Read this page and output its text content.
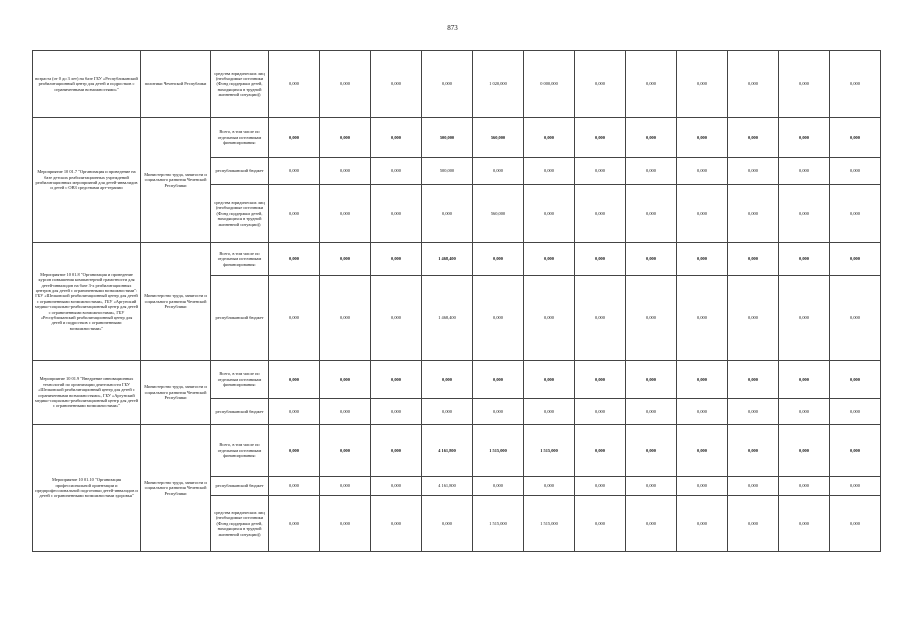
873
возраста (от 0 до 3 лет) на базе ГБУ «Республиканский реабилитационный центр для детей и подростков с ограниченными возможностями»"	политики Чеченской Республики	средства юридических лиц (необходимые источники (Фонд поддержки детей, находящихся в трудной жизненной ситуации))	0,000	0,000	0,000	0,000	1 020,000	0 000,000	0,000	0,000	0,000	0,000	0,000	0,000
Мероприятие 10 01.7 "Организация и проведение на базе детских реабилитационных учреждений реабилитационных мероприятий для детей-инвалидов и детей с ОВЗ средствами арт-терапии	Министерство труда, занятости и социального развития Чеченской Республики	Всего, в том числе по отдельным источникам финансирования:	0,000	0,000	0,000	500,000	560,000	0,000	0,000	0,000	0,000	0,000	0,000	0,000
		республиканский бюджет	0,000	0,000	0,000	500,000	0,000	0,000	0,000	0,000	0,000	0,000	0,000	0,000
		средства юридических лиц (необходимые источники (Фонд поддержки детей, находящихся в трудной жизненной ситуации))	0,000	0,000	0,000	0,000	560,000	0,000	0,000	0,000	0,000	0,000	0,000	0,000
Мероприятие 10 01.8 "Организация и проведение курсов повышения компьютерной грамотности для детей-инвалидов на базе 3-х реабилитационных центров для детей с ограниченными возможностями": ГБУ «Шелковской реабилитационный центр для детей с ограниченными возможностями», ГБУ «Аргунский медико-социально-реабилитационный центр для детей с ограниченными возможностями», ГБУ «Республиканский реабилитационный центр для детей и подростков с ограниченными возможностями»"	Министерство труда, занятости и социального развития Чеченской Республики	Всего, в том числе по отдельным источникам финансирования:	0,000	0,000	0,000	1 468,400	0,000	0,000	0,000	0,000	0,000	0,000	0,000	0,000
		республиканский бюджет	0,000	0,000	0,000	1 468,400	0,000	0,000	0,000	0,000	0,000	0,000	0,000	0,000
Мероприятие 10 01.9 "Внедрение инновационных технологий по организации деятельности ГБУ «Шелковской реабилитационный центр для детей с ограниченными возможностями», ГБУ «Аргунский медико-социально-реабилитационный центр для детей с ограниченными возможностями»"	Министерство труда, занятости и социального развития Чеченской Республики	Всего, в том числе по отдельным источникам финансирования:	0,000	0,000	0,000	0,000	0,000	0,000	0,000	0,000	0,000	0,000	0,000	0,000
		республиканский бюджет	0,000	0,000	0,000	0,000	0,000	0,000	0,000	0,000	0,000	0,000	0,000	0,000
Мероприятие 10 01.10 "Организация профессиональной ориентации и предпрофессиональной подготовки детей-инвалидов и детей с ограниченными возможностями здоровья"	Министерство труда, занятости и социального развития Чеченской Республики	Всего, в том числе по отдельным источникам финансирования:	0,000	0,000	0,000	4 161,800	1 515,000	1 515,000	0,000	0,000	0,000	0,000	0,000	0,000
		республиканский бюджет	0,000	0,000	0,000	4 161,800	0,000	0,000	0,000	0,000	0,000	0,000	0,000	0,000
		средства юридических лиц (необходимые источники (Фонд поддержки детей, находящихся в трудной жизненной ситуации))	0,000	0,000	0,000	0,000	1 515,000	1 515,000	0,000	0,000	0,000	0,000	0,000	0,000
